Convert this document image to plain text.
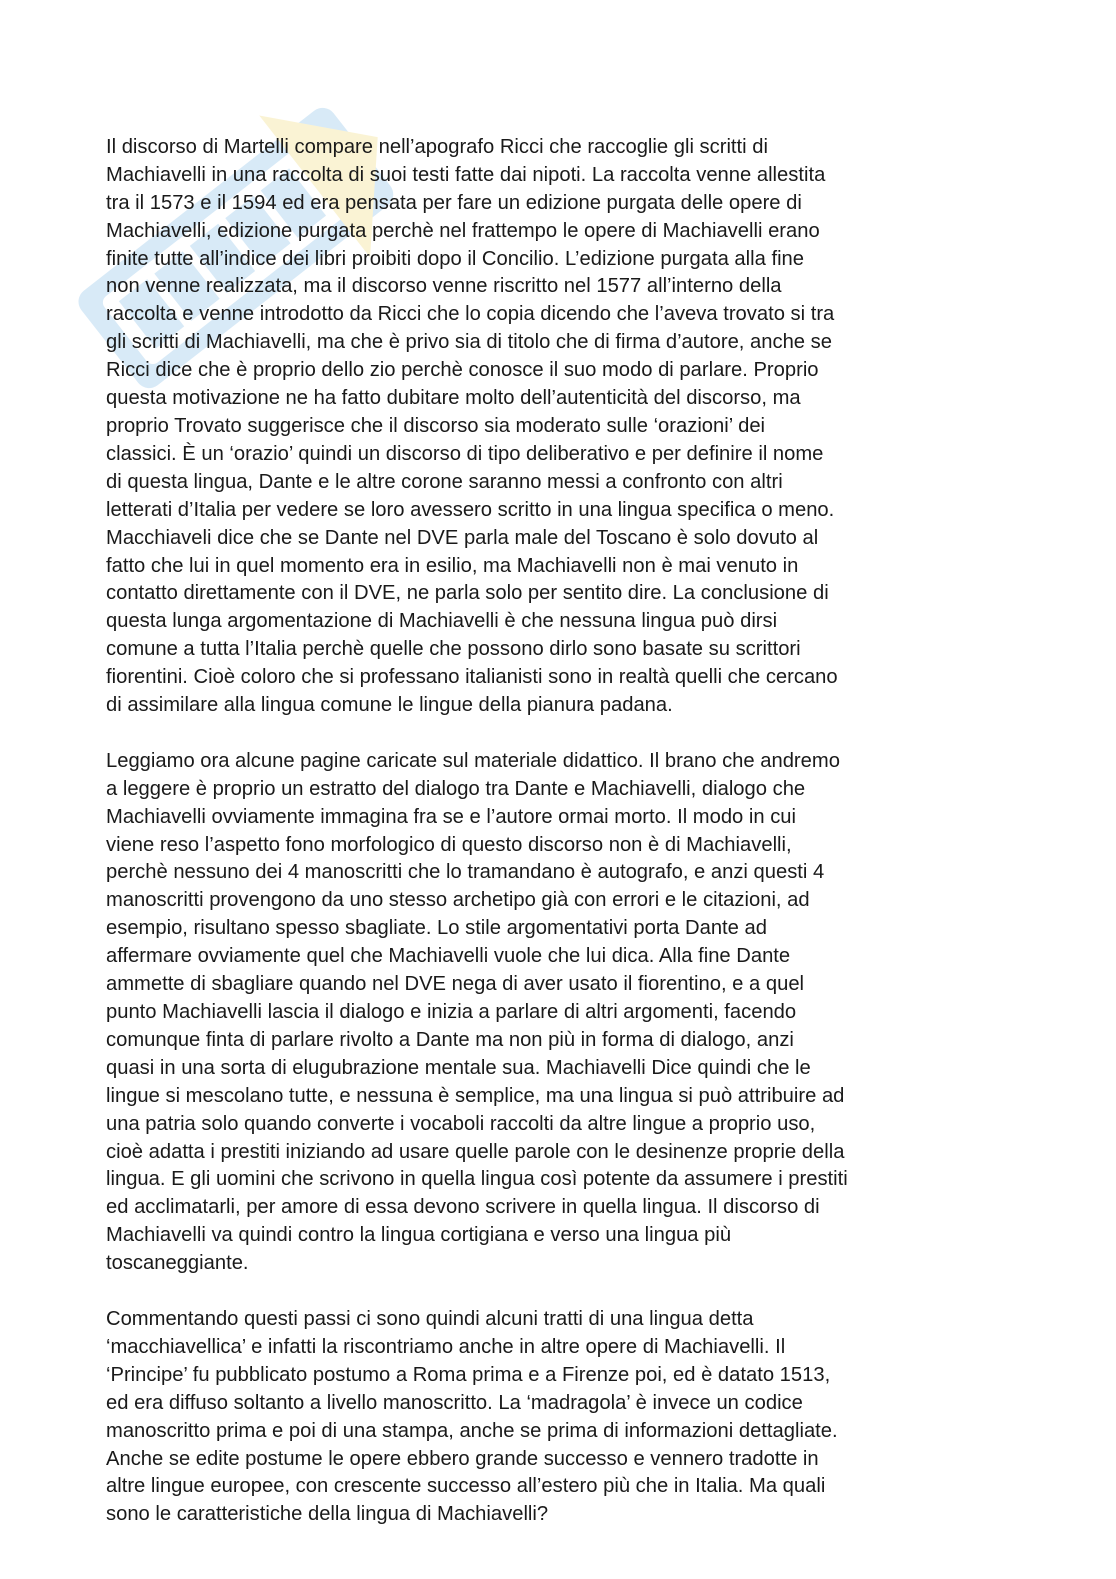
Il discorso di Martelli compare nell’apografo Ricci che raccoglie gli scritti di
Machiavelli in una raccolta di suoi testi fatte dai nipoti. La raccolta venne allestita
tra il 1573 e il 1594 ed era pensata per fare un edizione purgata delle opere di
Machiavelli, edizione purgata perchè nel frattempo le opere di Machiavelli erano
finite tutte all’indice dei libri proibiti dopo il Concilio. L’edizione purgata alla fine
non venne realizzata, ma il discorso venne riscritto nel 1577 all’interno della
raccolta e venne introdotto da Ricci che lo copia dicendo che l’aveva trovato si tra
gli scritti di Machiavelli, ma che è privo sia di titolo che di firma d’autore, anche se
Ricci dice che è proprio dello zio perchè conosce il suo modo di parlare. Proprio
questa motivazione ne ha fatto dubitare molto dell’autenticità del discorso, ma
proprio Trovato suggerisce che il discorso sia moderato sulle ‘orazioni’ dei
classici. È un ‘orazio’ quindi un discorso di tipo deliberativo e per definire il nome
di questa lingua, Dante e le altre corone saranno messi a confronto con altri
letterati d’Italia per vedere se loro avessero scritto in una lingua specifica o meno.
Macchiaveli dice che se Dante nel DVE parla male del Toscano è solo dovuto al
fatto che lui in quel momento era in esilio, ma Machiavelli non è mai venuto in
contatto direttamente con il DVE, ne parla solo per sentito dire. La conclusione di
questa lunga argomentazione di Machiavelli è che nessuna lingua può dirsi
comune a tutta l’Italia perchè quelle che possono dirlo sono basate su scrittori
fiorentini. Cioè coloro che si professano italianisti sono in realtà quelli che cercano
di assimilare alla lingua comune le lingue della pianura padana.

Leggiamo ora alcune pagine caricate sul materiale didattico. Il brano che andremo
a leggere è proprio un estratto del dialogo tra Dante e Machiavelli, dialogo che
Machiavelli ovviamente immagina fra se e l’autore ormai morto. Il modo in cui
viene reso l’aspetto fono morfologico di questo discorso non è di Machiavelli,
perchè nessuno dei 4 manoscritti che lo tramandano è autografo, e anzi questi 4
manoscritti provengono da uno stesso archetipo già con errori e le citazioni, ad
esempio, risultano spesso sbagliate. Lo stile argomentativi porta Dante ad
affermare ovviamente quel che Machiavelli vuole che lui dica. Alla fine Dante
ammette di sbagliare quando nel DVE nega di aver usato il fiorentino, e a quel
punto Machiavelli lascia il dialogo e inizia a parlare di altri argomenti, facendo
comunque finta di parlare rivolto a Dante ma non più in forma di dialogo, anzi
quasi in una sorta di elugubrazione mentale sua. Machiavelli Dice quindi che le
lingue si mescolano tutte, e nessuna è semplice, ma una lingua si può attribuire ad
una patria solo quando converte i vocaboli raccolti da altre lingue a proprio uso,
cioè adatta i prestiti iniziando ad usare quelle parole con le desinenze proprie della
lingua. E gli uomini che scrivono in quella lingua così potente da assumere i prestiti
ed acclimatarli, per amore di essa devono scrivere in quella lingua. Il discorso di
Machiavelli va quindi contro la lingua cortigiana e verso una lingua più
toscaneggiante.

Commentando questi passi ci sono quindi alcuni tratti di una lingua detta
‘macchiavellica’ e infatti la riscontriamo anche in altre opere di Machiavelli. Il
‘Principe’ fu pubblicato postumo a Roma prima e a Firenze poi, ed è datato 1513,
ed era diffuso soltanto a livello manoscritto. La ‘madragola’ è invece un codice
manoscritto prima e poi di una stampa, anche se prima di informazioni dettagliate.
Anche se edite postume le opere ebbero grande successo e vennero tradotte in
altre lingue europee, con crescente successo all’estero più che in Italia. Ma quali
sono le caratteristiche della lingua di Machiavelli?
